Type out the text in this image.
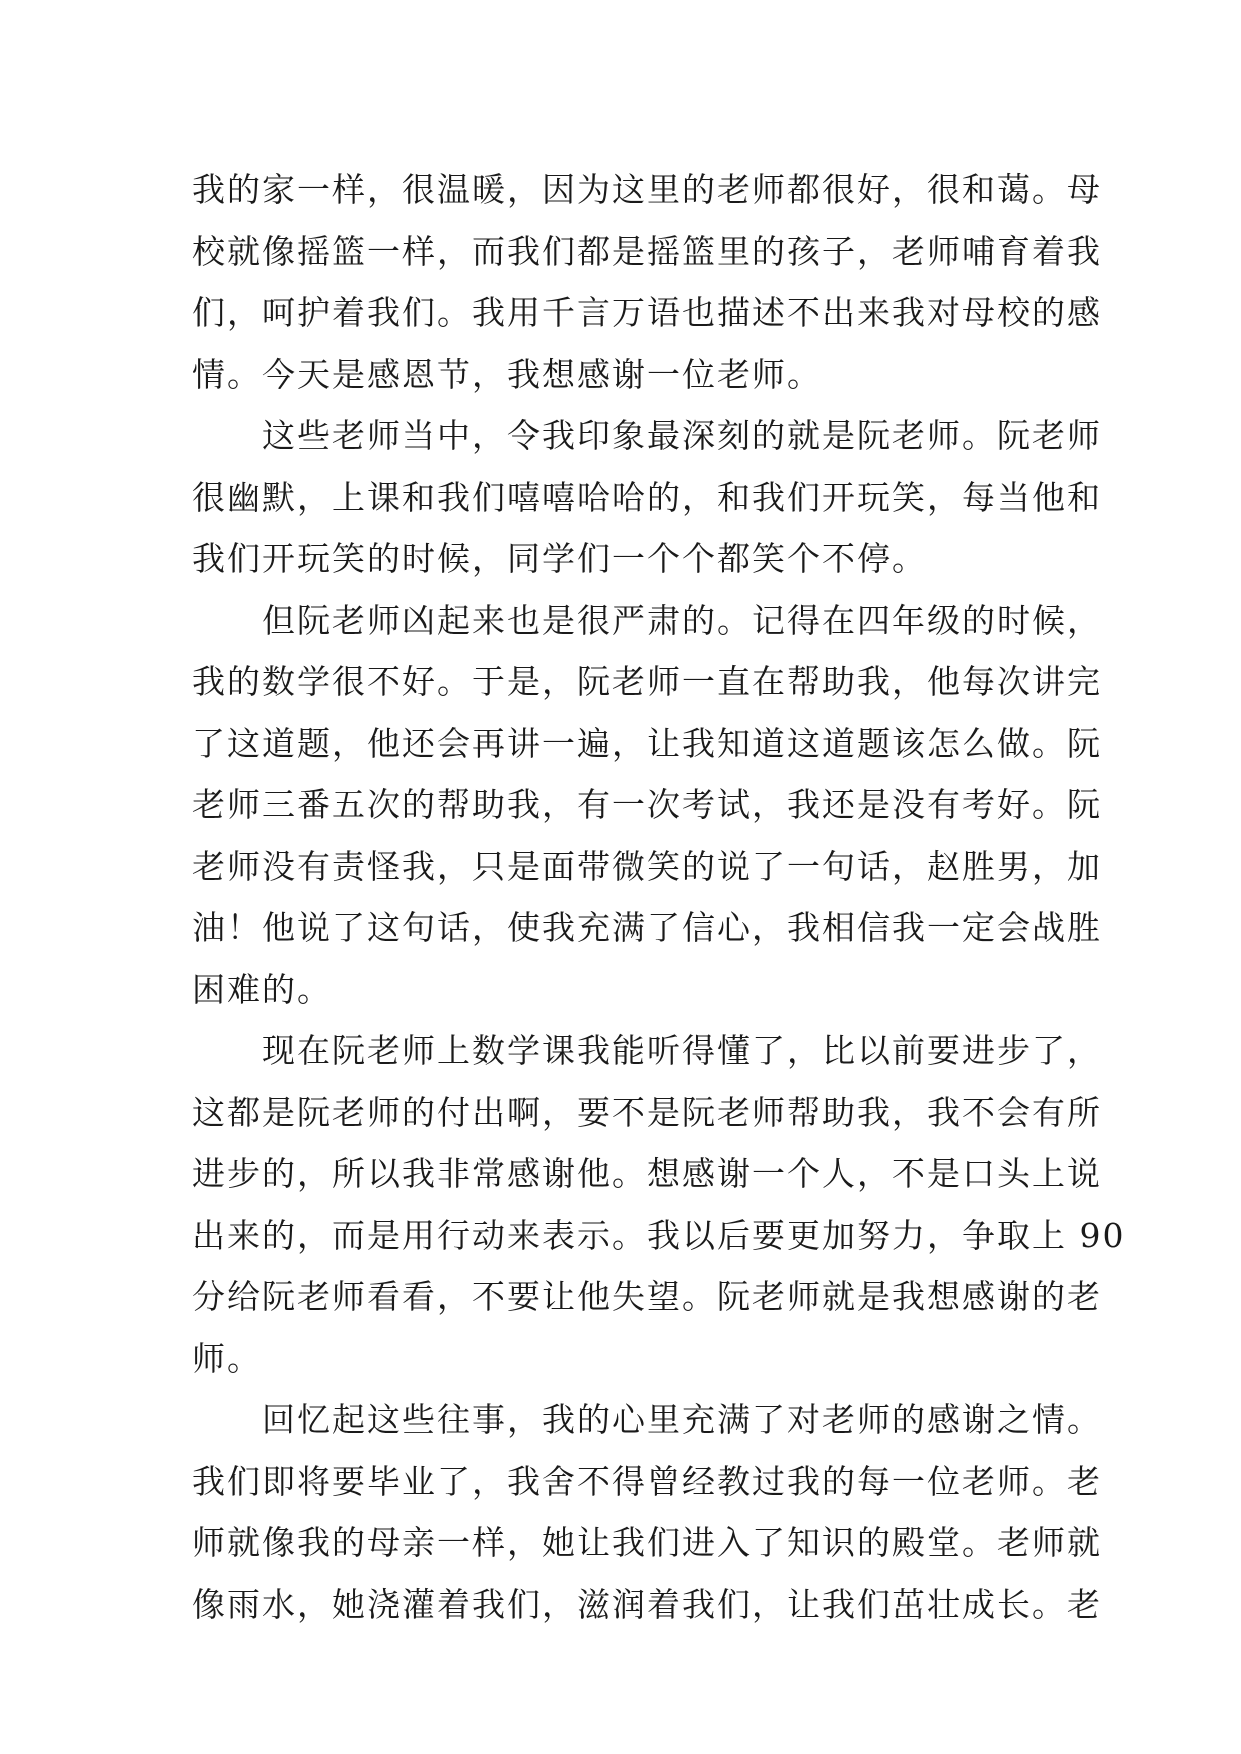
我的家一样，很温暖，因为这里的老师都很好，很和蔼。母
校就像摇篮一样，而我们都是摇篮里的孩子，老师哺育着我
们，呵护着我们。我用千言万语也描述不出来我对母校的感
情。今天是感恩节，我想感谢一位老师。
这些老师当中，令我印象最深刻的就是阮老师。阮老师
很幽默，上课和我们嘻嘻哈哈的，和我们开玩笑，每当他和
我们开玩笑的时候，同学们一个个都笑个不停。
但阮老师凶起来也是很严肃的。记得在四年级的时候，
我的数学很不好。于是，阮老师一直在帮助我，他每次讲完
了这道题，他还会再讲一遍，让我知道这道题该怎么做。阮
老师三番五次的帮助我，有一次考试，我还是没有考好。阮
老师没有责怪我，只是面带微笑的说了一句话，赵胜男，加
油！他说了这句话，使我充满了信心，我相信我一定会战胜
困难的。
现在阮老师上数学课我能听得懂了，比以前要进步了，
这都是阮老师的付出啊，要不是阮老师帮助我，我不会有所
进步的，所以我非常感谢他。想感谢一个人，不是口头上说
出来的，而是用行动来表示。我以后要更加努力，争取上 90
分给阮老师看看，不要让他失望。阮老师就是我想感谢的老
师。
回忆起这些往事，我的心里充满了对老师的感谢之情。
我们即将要毕业了，我舍不得曾经教过我的每一位老师。老
师就像我的母亲一样，她让我们进入了知识的殿堂。老师就
像雨水，她浇灌着我们，滋润着我们，让我们茁壮成长。老
